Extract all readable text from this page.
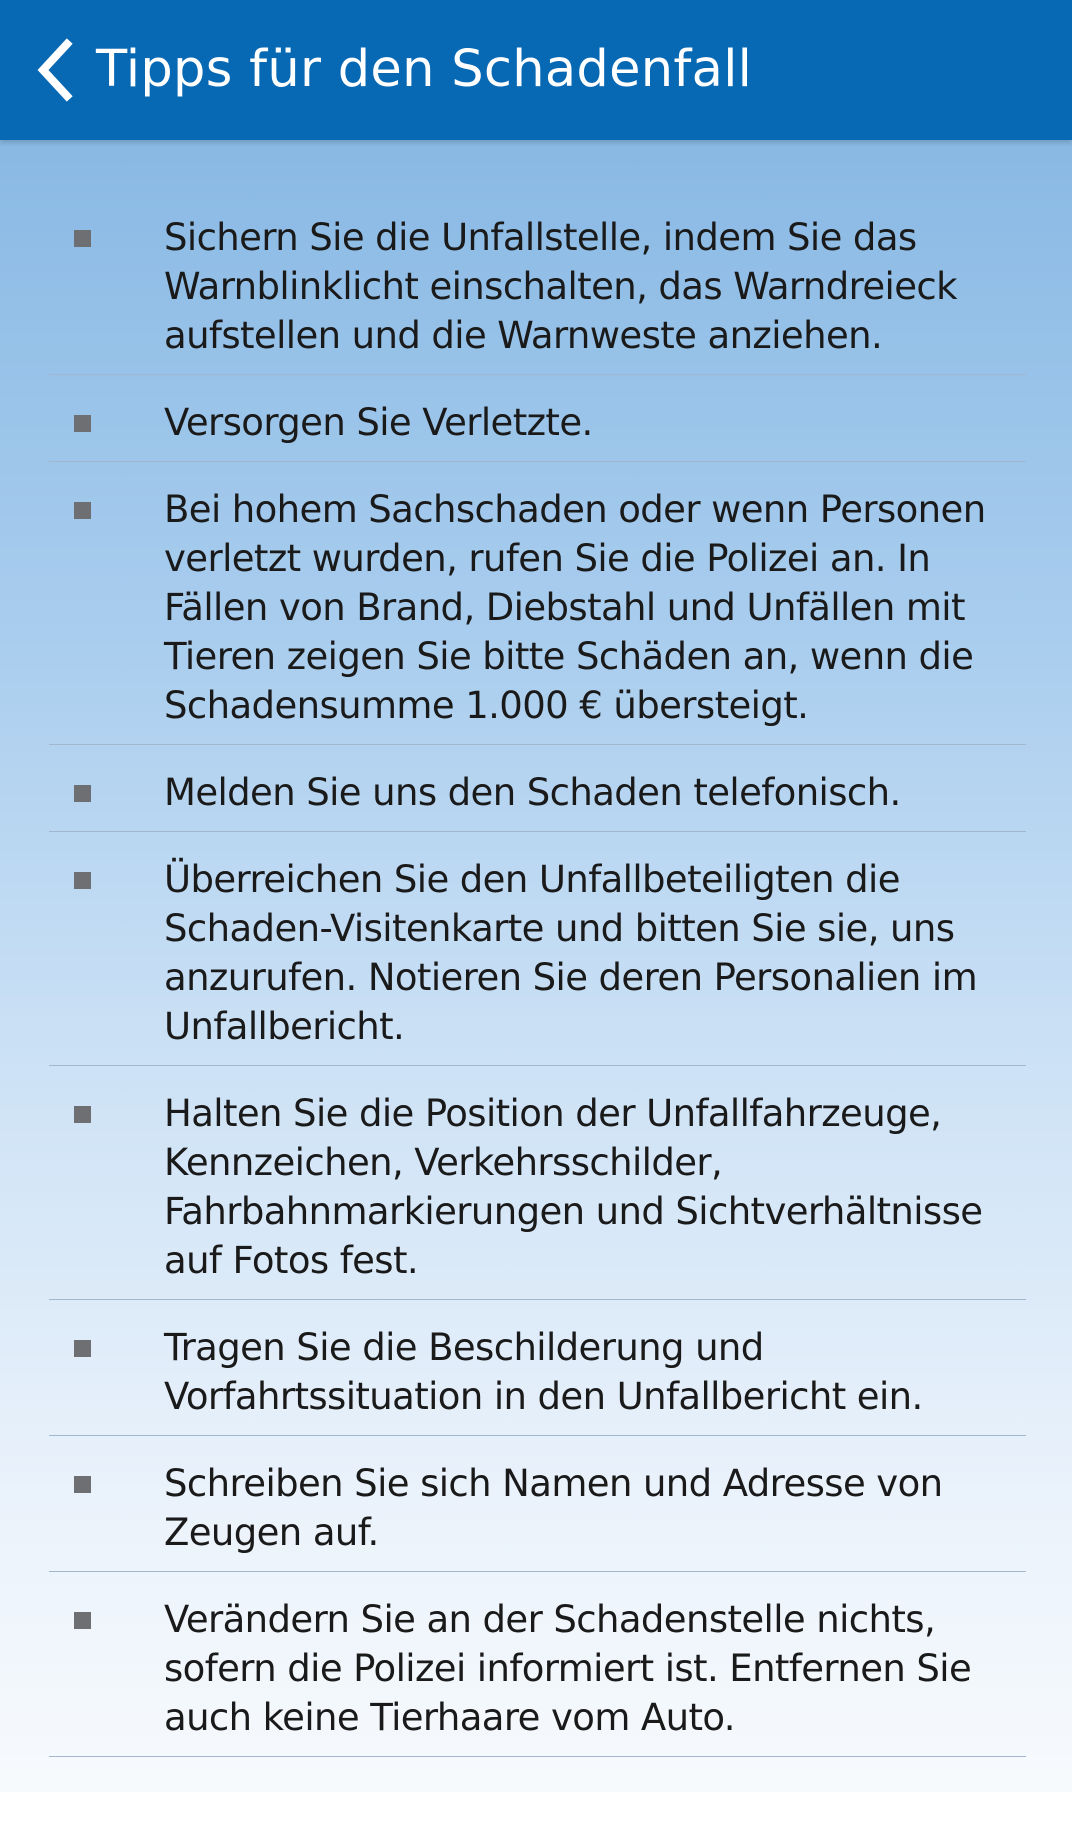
Tipps für den Schadenfall
Sichern Sie die Unfallstelle, indem Sie das Warnblinklicht einschalten, das Warndreieck aufstellen und die Warnweste anziehen.
Versorgen Sie Verletzte.
Bei hohem Sachschaden oder wenn Personen verletzt wurden, rufen Sie die Polizei an. In Fällen von Brand, Diebstahl und Unfällen mit Tieren zeigen Sie bitte Schäden an, wenn die Schadensumme 1.000 € übersteigt.
Melden Sie uns den Schaden telefonisch.
Überreichen Sie den Unfallbeteiligten die Schaden-Visitenkarte und bitten Sie sie, uns anzurufen. Notieren Sie deren Personalien im Unfallbericht.
Halten Sie die Position der Unfallfahrzeuge, Kennzeichen, Verkehrsschilder, Fahrbahnmarkierungen und Sichtverhältnisse auf Fotos fest.
Tragen Sie die Beschilderung und Vorfahrtssituation in den Unfallbericht ein.
Schreiben Sie sich Namen und Adresse von Zeugen auf.
Verändern Sie an der Schadenstelle nichts, sofern die Polizei informiert ist. Entfernen Sie auch keine Tierhaare vom Auto.
